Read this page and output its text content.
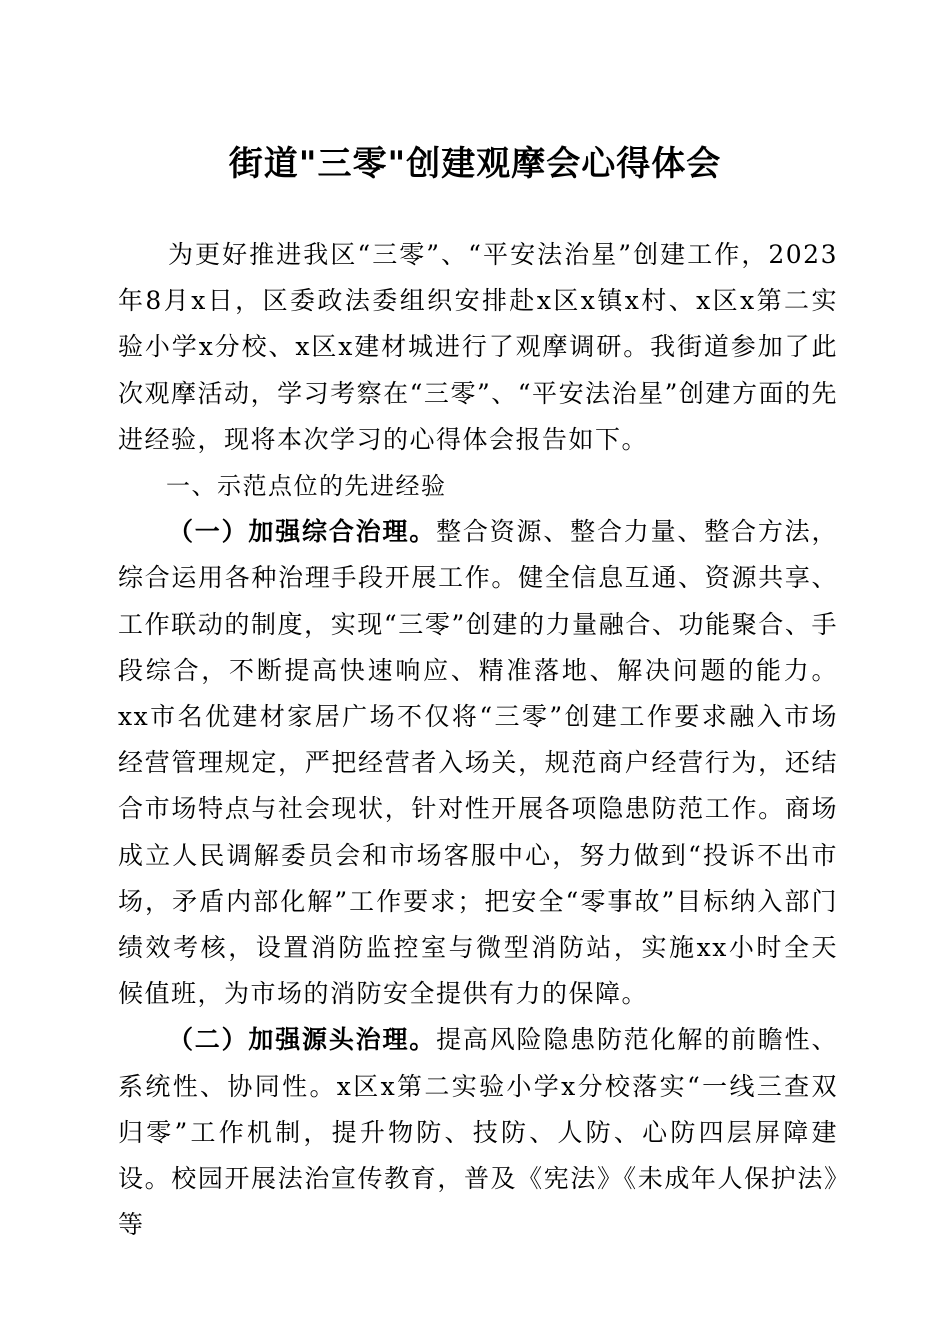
街道"三零"创建观摩会心得体会

为更好推进我区“三零”、“平安法治星”创建工作，2023年8月x日，区委政法委组织安排赴x区x镇x村、x区x第二实验小学x分校、x区x建材城进行了观摩调研。我街道参加了此次观摩活动，学习考察在“三零”、“平安法治星”创建方面的先进经验，现将本次学习的心得体会报告如下。

一、示范点位的先进经验

（一）加强综合治理。整合资源、整合力量、整合方法，综合运用各种治理手段开展工作。健全信息互通、资源共享、工作联动的制度，实现“三零”创建的力量融合、功能聚合、手段综合，不断提高快速响应、精准落地、解决问题的能力。xx市名优建材家居广场不仅将“三零”创建工作要求融入市场经营管理规定，严把经营者入场关，规范商户经营行为，还结合市场特点与社会现状，针对性开展各项隐患防范工作。商场成立人民调解委员会和市场客服中心，努力做到“投诉不出市场，矛盾内部化解”工作要求；把安全“零事故”目标纳入部门绩效考核，设置消防监控室与微型消防站，实施xx小时全天候值班，为市场的消防安全提供有力的保障。

（二）加强源头治理。提高风险隐患防范化解的前瞻性、系统性、协同性。x区x第二实验小学x分校落实“一线三查双归零”工作机制，提升物防、技防、人防、心防四层屏障建设。校园开展法治宣传教育，普及《宪法》《未成年人保护法》等
